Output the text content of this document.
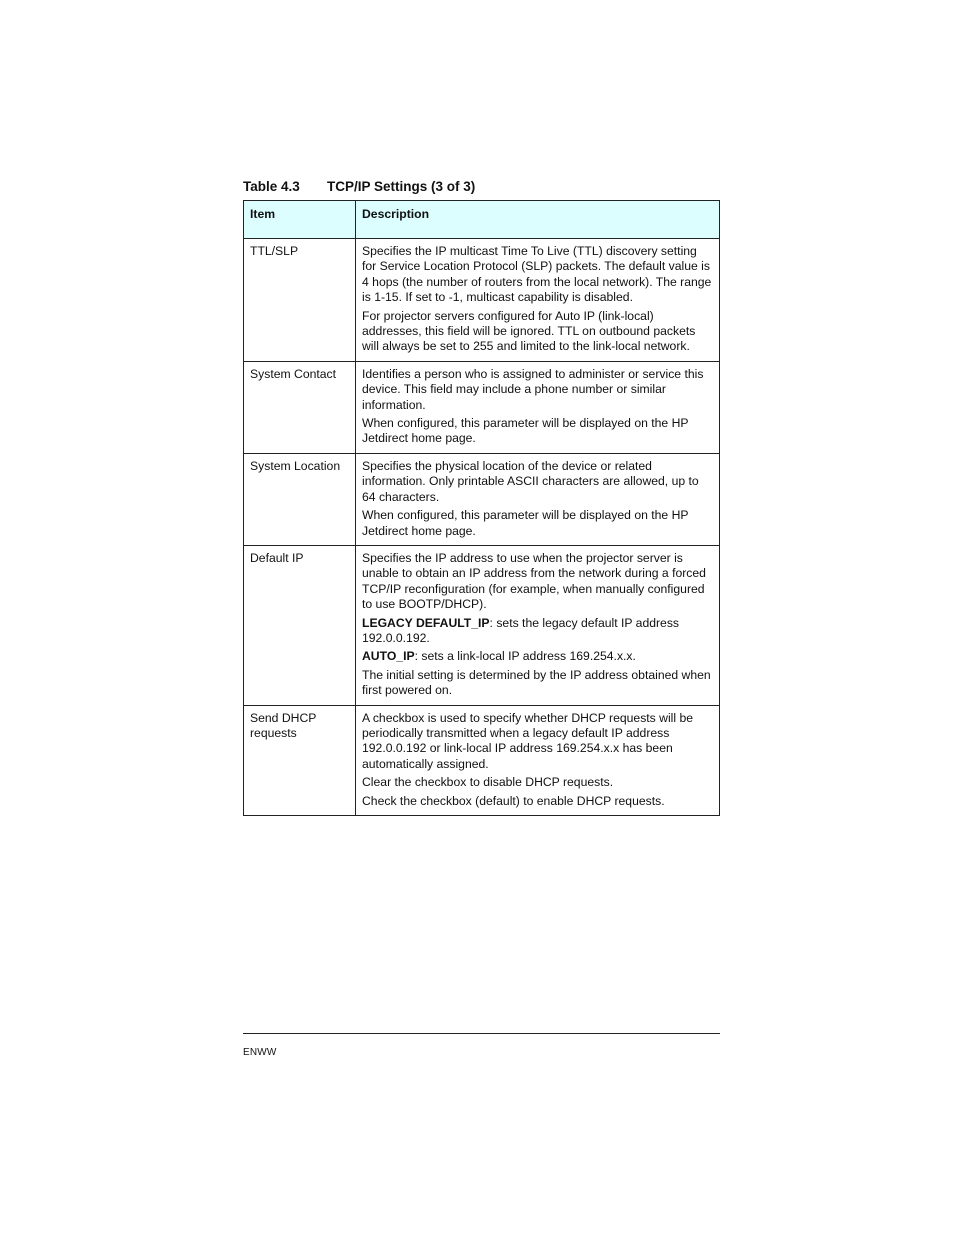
Table 4.3 TCP/IP Settings (3 of 3)
Item	Description
TTL/SLP	Specifies the IP multicast Time To Live (TTL) discovery setting for Service Location Protocol (SLP) packets. The default value is 4 hops (the number of routers from the local network). The range is 1-15. If set to -1, multicast capability is disabled.

For projector servers configured for Auto IP (link-local) addresses, this field will be ignored. TTL on outbound packets will always be set to 255 and limited to the link-local network.

System Contact	Identifies a person who is assigned to administer or service this device. This field may include a phone number or similar information.

When configured, this parameter will be displayed on the HP Jetdirect home page.

System Location	Specifies the physical location of the device or related information. Only printable ASCII characters are allowed, up to 64 characters.

When configured, this parameter will be displayed on the HP Jetdirect home page.

Default IP	Specifies the IP address to use when the projector server is unable to obtain an IP address from the network during a forced TCP/IP reconfiguration (for example, when manually configured to use BOOTP/DHCP).

LEGACY DEFAULT_IP: sets the legacy default IP address 192.0.0.192.

AUTO_IP: sets a link-local IP address 169.254.x.x.

The initial setting is determined by the IP address obtained when first powered on.

Send DHCP requests	A checkbox is used to specify whether DHCP requests will be periodically transmitted when a legacy default IP address 192.0.0.192 or link-local IP address 169.254.x.x has been automatically assigned.

Clear the checkbox to disable DHCP requests.

Check the checkbox (default) to enable DHCP requests.

ENWW
